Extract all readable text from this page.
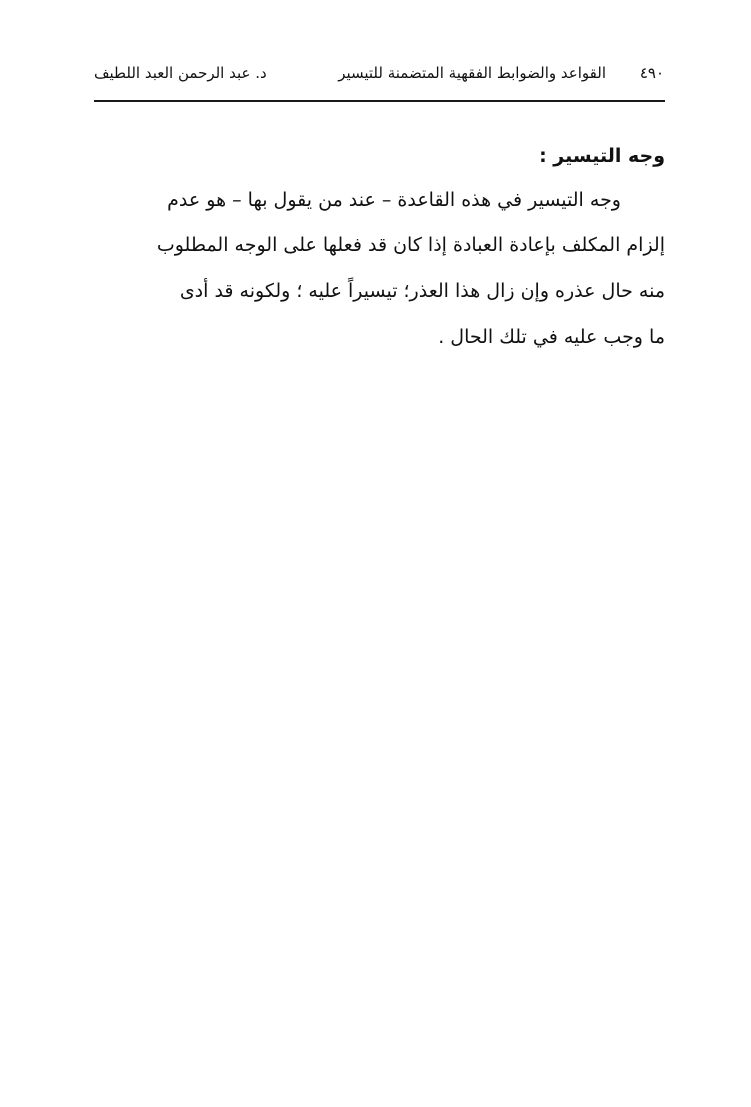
٤٩٠
القواعد والضوابط الفقهية المتضمنة للتيسير
د. عبد الرحمن العبد اللطيف
وجه التيسير :
وجه التيسير في هذه القاعدة – عند من يقول بها – هو عدم
إلزام المكلف بإعادة العبادة إذا كان قد فعلها على الوجه المطلوب
منه حال عذره وإن زال هذا العذر؛ تيسيراً عليه ؛ ولكونه قد أدى
ما وجب عليه في تلك الحال .
